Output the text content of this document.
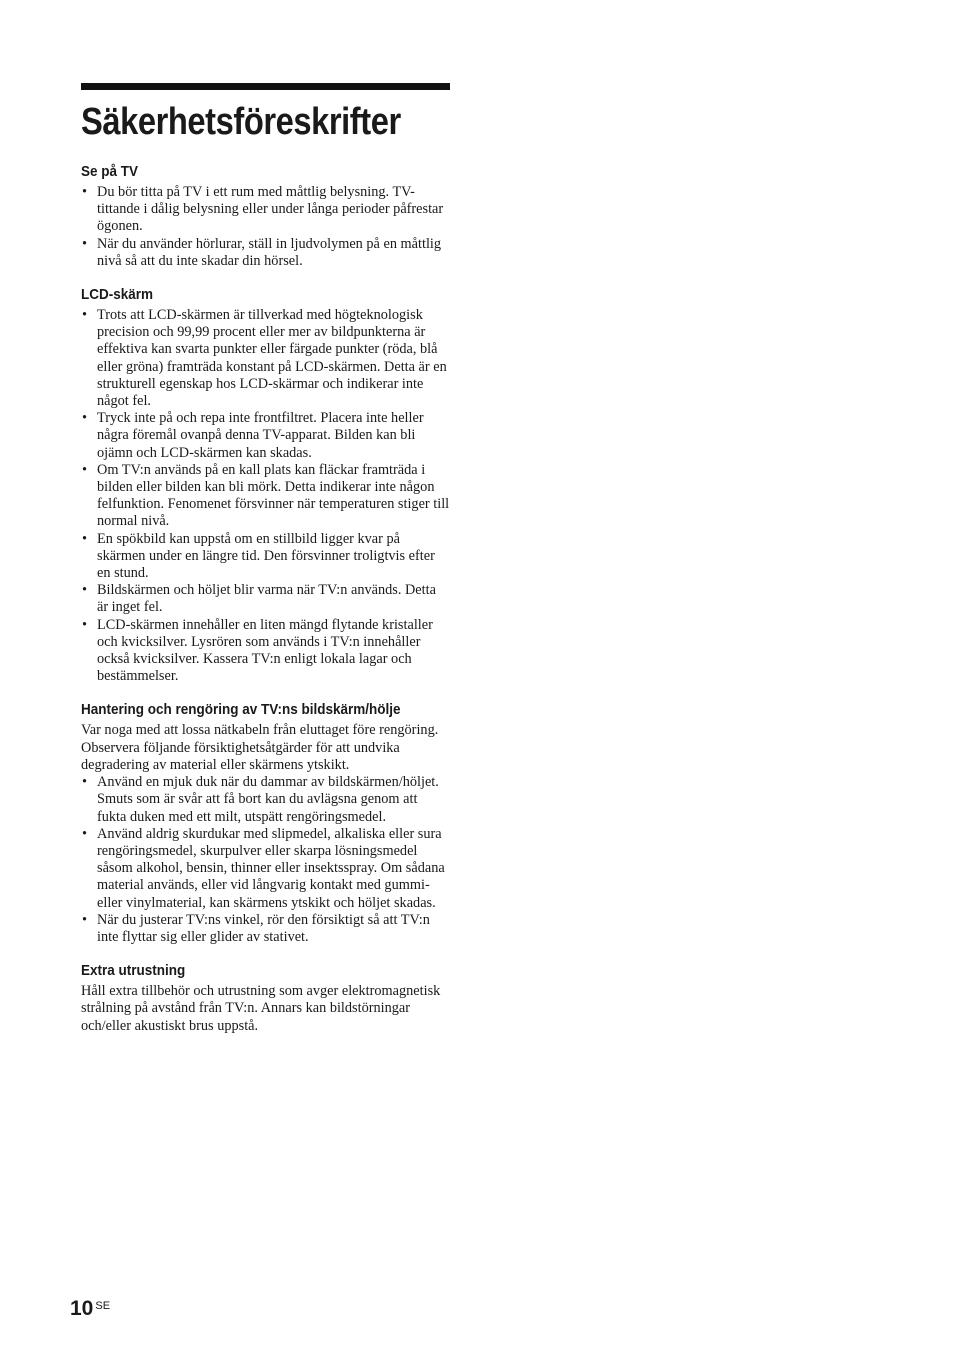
Säkerhetsföreskrifter
Se på TV
• Du bör titta på TV i ett rum med måttlig belysning. TV-tittande i dålig belysning eller under långa perioder påfrestar ögonen.
• När du använder hörlurar, ställ in ljudvolymen på en måttlig nivå så att du inte skadar din hörsel.
LCD-skärm
• Trots att LCD-skärmen är tillverkad med högteknologisk precision och 99,99 procent eller mer av bildpunkterna är effektiva kan svarta punkter eller färgade punkter (röda, blå eller gröna) framträda konstant på LCD-skärmen. Detta är en strukturell egenskap hos LCD-skärmar och indikerar inte något fel.
• Tryck inte på och repa inte frontfiltret. Placera inte heller några föremål ovanpå denna TV-apparat. Bilden kan bli ojämn och LCD-skärmen kan skadas.
• Om TV:n används på en kall plats kan fläckar framträda i bilden eller bilden kan bli mörk. Detta indikerar inte någon felfunktion. Fenomenet försvinner när temperaturen stiger till normal nivå.
• En spökbild kan uppstå om en stillbild ligger kvar på skärmen under en längre tid. Den försvinner troligtvis efter en stund.
• Bildskärmen och höljet blir varma när TV:n används. Detta är inget fel.
• LCD-skärmen innehåller en liten mängd flytande kristaller och kvicksilver. Lysrören som används i TV:n innehåller också kvicksilver. Kassera TV:n enligt lokala lagar och bestämmelser.
Hantering och rengöring av TV:ns bildskärm/hölje

Var noga med att lossa nätkabeln från eluttaget före rengöring.

Observera följande försiktighetsåtgärder för att undvika degradering av material eller skärmens ytskikt.

• Använd en mjuk duk när du dammar av bildskärmen/höljet. Smuts som är svår att få bort kan du avlägsna genom att fukta duken med ett milt, utspätt rengöringsmedel.
• Använd aldrig skurdukar med slipmedel, alkaliska eller sura rengöringsmedel, skurpulver eller skarpa lösningsmedel såsom alkohol, bensin, thinner eller insektsspray. Om sådana material används, eller vid långvarig kontakt med gummi- eller vinylmaterial, kan skärmens ytskikt och höljet skadas.
• När du justerar TV:ns vinkel, rör den försiktigt så att TV:n inte flyttar sig eller glider av stativet.
Extra utrustning

Håll extra tillbehör och utrustning som avger elektromagnetisk strålning på avstånd från TV:n. Annars kan bildstörningar och/eller akustiskt brus uppstå.

10 $^{SE}$
